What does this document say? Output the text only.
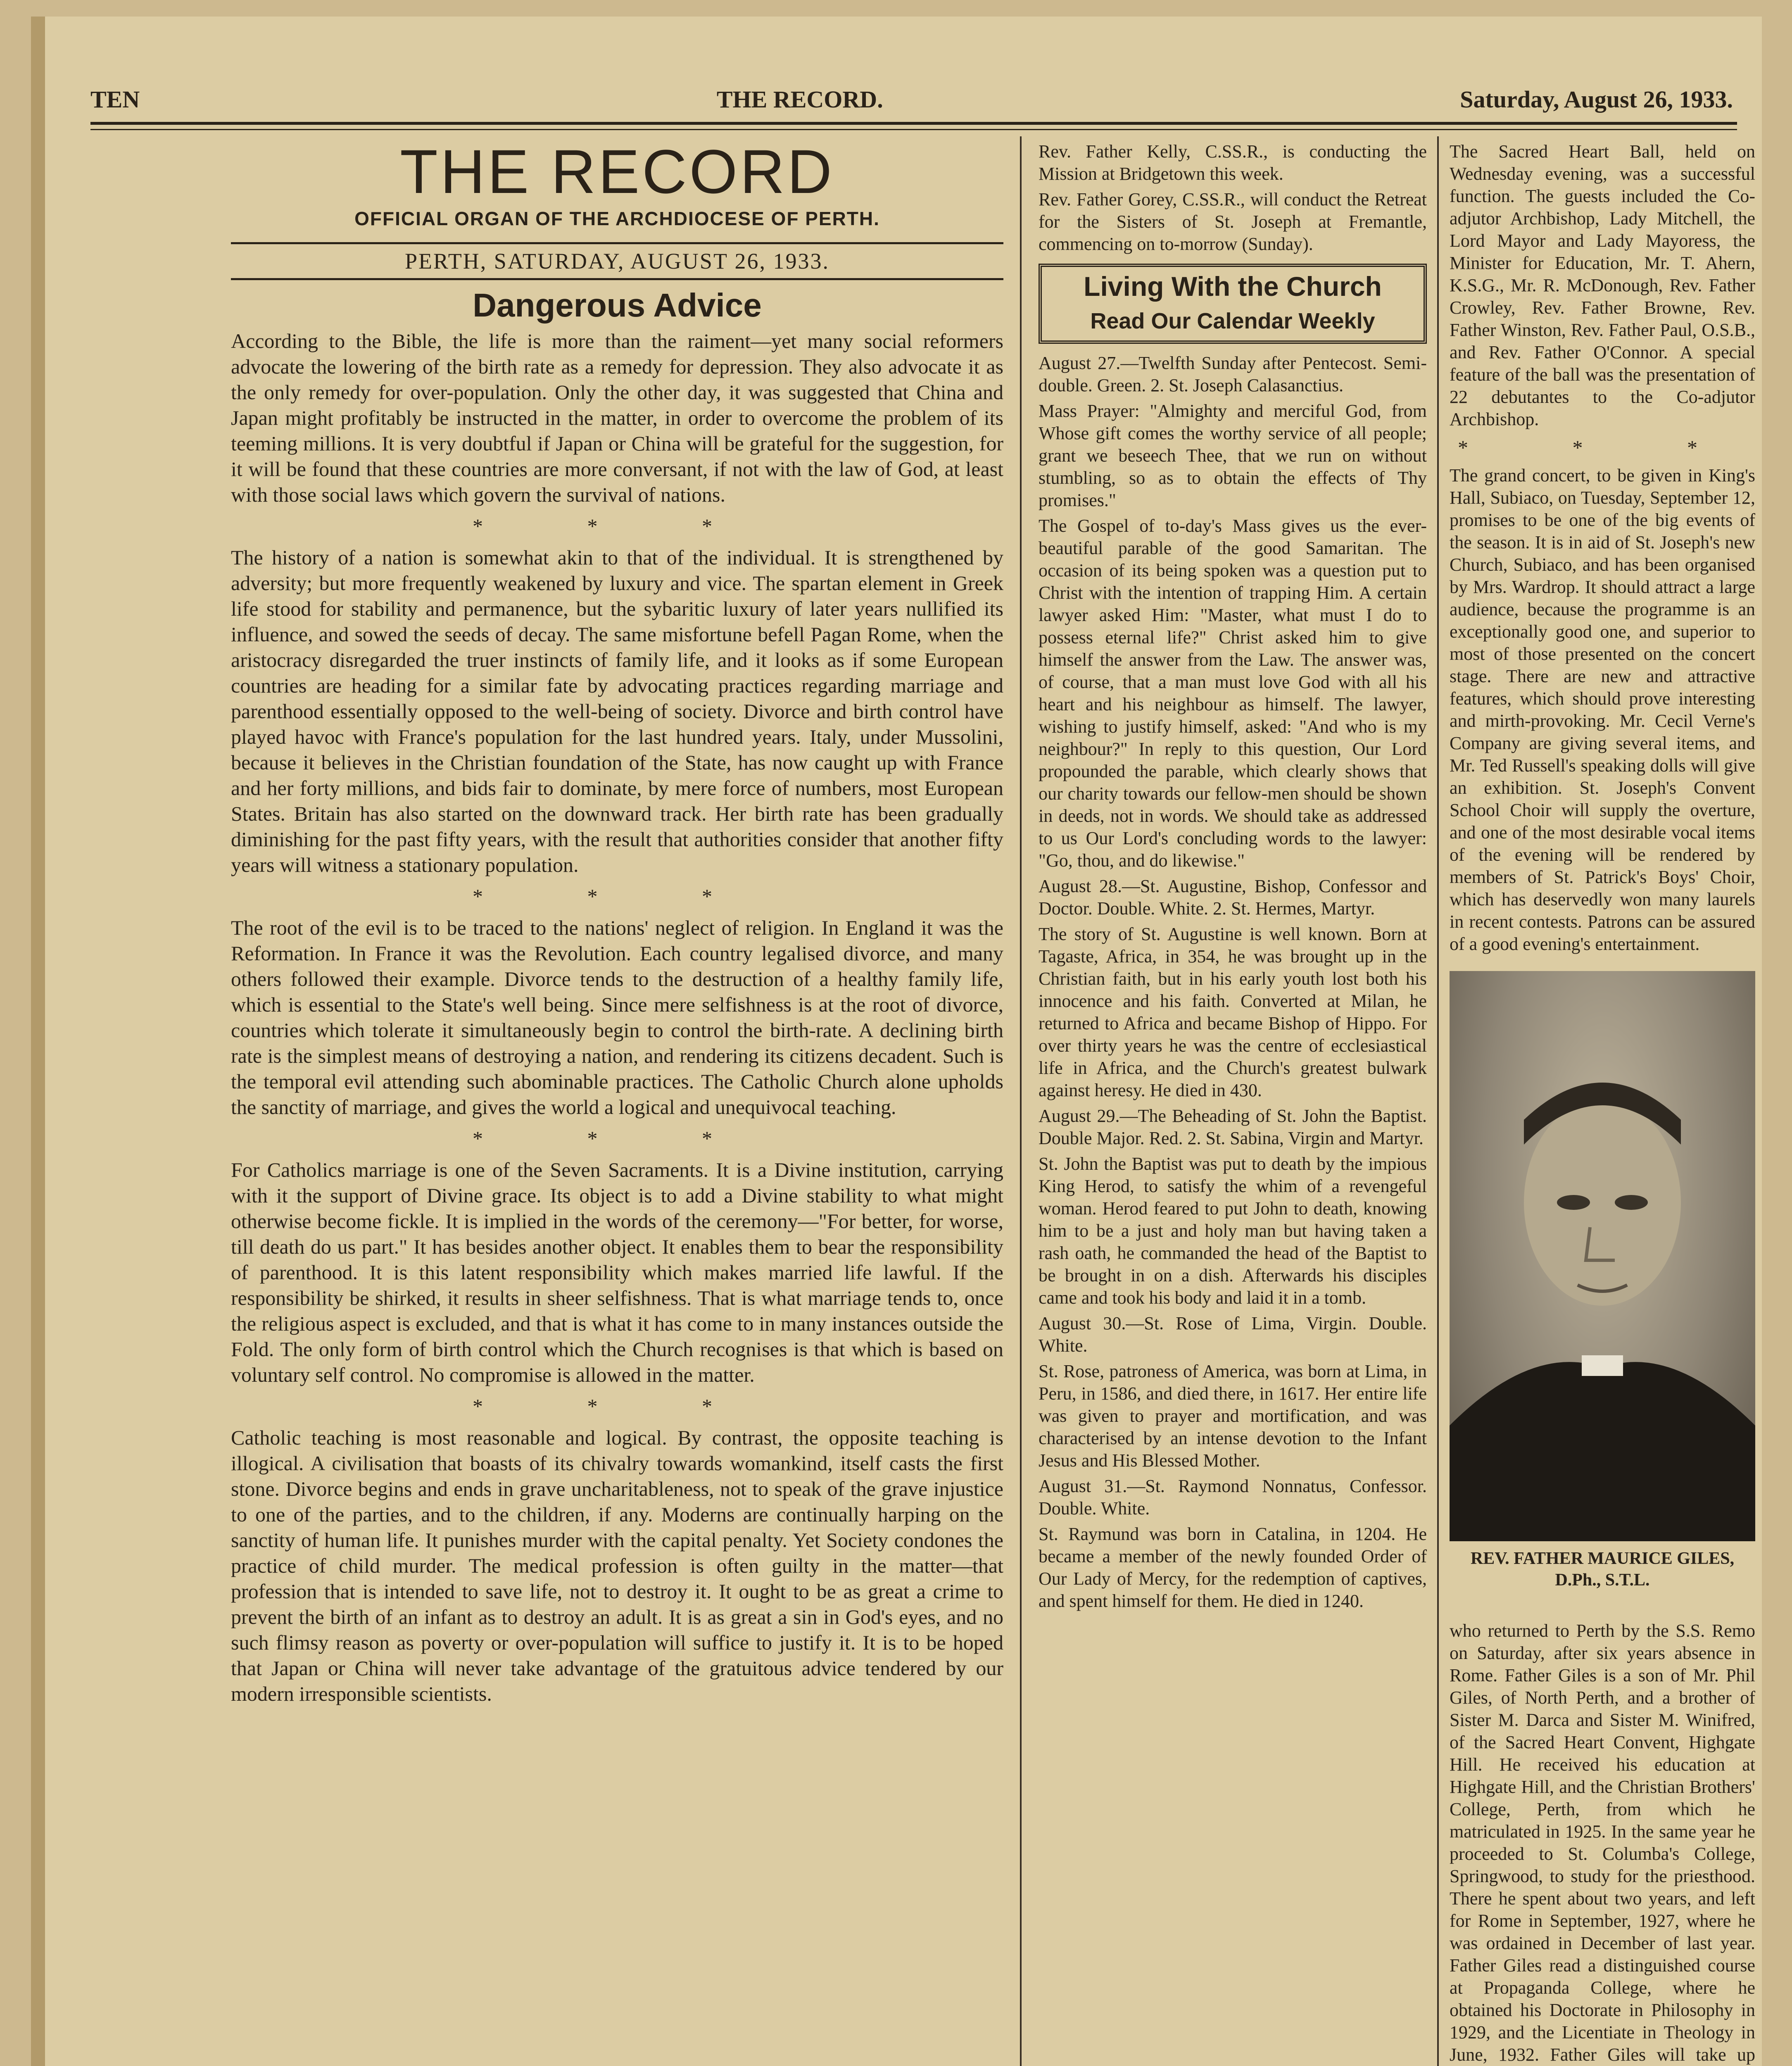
TEN	THE RECORD.	Saturday, August 26, 1933.
THE RECORD
OFFICIAL ORGAN OF THE ARCHDIOCESE OF PERTH.
PERTH, SATURDAY, AUGUST 26, 1933.
Dangerous Advice

According to the Bible, the life is more than the raiment—yet many social reformers advocate the lowering of the birth rate as a remedy for depression. They also advocate it as the only remedy for over-population. Only the other day, it was suggested that China and Japan might profitably be instructed in the matter, in order to overcome the problem of its teeming millions. It is very doubtful if Japan or China will be grateful for the suggestion, for it will be found that these countries are more conversant, if not with the law of God, at least with those social laws which govern the survival of nations.

* * *

The history of a nation is somewhat akin to that of the individual. It is strengthened by adversity; but more frequently weakened by luxury and vice. The spartan element in Greek life stood for stability and permanence, but the sybaritic luxury of later years nullified its influence, and sowed the seeds of decay. The same misfortune befell Pagan Rome, when the aristocracy disregarded the truer instincts of family life, and it looks as if some European countries are heading for a similar fate by advocating practices regarding marriage and parenthood essentially opposed to the well-being of society. Divorce and birth control have played havoc with France's population for the last hundred years. Italy, under Mussolini, because it believes in the Christian foundation of the State, has now caught up with France and her forty millions, and bids fair to dominate, by mere force of numbers, most European States. Britain has also started on the downward track. Her birth rate has been gradually diminishing for the past fifty years, with the result that authorities consider that another fifty years will witness a stationary population.

* * *

The root of the evil is to be traced to the nations' neglect of religion. In England it was the Reformation. In France it was the Revolution. Each country legalised divorce, and many others followed their example. Divorce tends to the destruction of a healthy family life, which is essential to the State's well being. Since mere selfishness is at the root of divorce, countries which tolerate it simultaneously begin to control the birth-rate. A declining birth rate is the simplest means of destroying a nation, and rendering its citizens decadent. Such is the temporal evil attending such abominable practices. The Catholic Church alone upholds the sanctity of marriage, and gives the world a logical and unequivocal teaching.

* * *

For Catholics marriage is one of the Seven Sacraments. It is a Divine institution, carrying with it the support of Divine grace. Its object is to add a Divine stability to what might otherwise become fickle. It is implied in the words of the ceremony—"For better, for worse, till death do us part." It has besides another object. It enables them to bear the responsibility of parenthood. It is this latent responsibility which makes married life lawful. If the responsibility be shirked, it results in sheer selfishness. That is what marriage tends to, once the religious aspect is excluded, and that is what it has come to in many instances outside the Fold. The only form of birth control which the Church recognises is that which is based on voluntary self control. No compromise is allowed in the matter.

* * *

Catholic teaching is most reasonable and logical. By contrast, the opposite teaching is illogical. A civilisation that boasts of its chivalry towards womankind, itself casts the first stone. Divorce begins and ends in grave uncharitableness, not to speak of the grave injustice to one of the parties, and to the children, if any. Moderns are continually harping on the sanctity of human life. It punishes murder with the capital penalty. Yet Society condones the practice of child murder. The medical profession is often guilty in the matter—that profession that is intended to save life, not to destroy it. It ought to be as great a crime to prevent the birth of an infant as to destroy an adult. It is as great a sin in God's eyes, and no such flimsy reason as poverty or over-population will suffice to justify it. It is to be hoped that Japan or China will never take advantage of the gratuitous advice tendered by our modern irresponsible scientists.

Rev. Father Kelly, C.SS.R., is conducting the Mission at Bridgetown this week.

Rev. Father Gorey, C.SS.R., will conduct the Retreat for the Sisters of St. Joseph at Fremantle, commencing on to-morrow (Sunday).

Living With the Church
Read Our Calendar Weekly

August 27.—Twelfth Sunday after Pentecost. Semi-double. Green. 2. St. Joseph Calasanctius.

Mass Prayer: "Almighty and merciful God, from Whose gift comes the worthy service of all people; grant we beseech Thee, that we run on without stumbling, so as to obtain the effects of Thy promises."

The Gospel of to-day's Mass gives us the ever-beautiful parable of the good Samaritan. The occasion of its being spoken was a question put to Christ with the intention of trapping Him. A certain lawyer asked Him: "Master, what must I do to possess eternal life?" Christ asked him to give himself the answer from the Law. The answer was, of course, that a man must love God with all his heart and his neighbour as himself. The lawyer, wishing to justify himself, asked: "And who is my neighbour?" In reply to this question, Our Lord propounded the parable, which clearly shows that our charity towards our fellow-men should be shown in deeds, not in words. We should take as addressed to us Our Lord's concluding words to the lawyer: "Go, thou, and do likewise."

August 28.—St. Augustine, Bishop, Confessor and Doctor. Double. White. 2. St. Hermes, Martyr.

The story of St. Augustine is well known. Born at Tagaste, Africa, in 354, he was brought up in the Christian faith, but in his early youth lost both his innocence and his faith. Converted at Milan, he returned to Africa and became Bishop of Hippo. For over thirty years he was the centre of ecclesiastical life in Africa, and the Church's greatest bulwark against heresy. He died in 430.

August 29.—The Beheading of St. John the Baptist. Double Major. Red. 2. St. Sabina, Virgin and Martyr.

St. John the Baptist was put to death by the impious King Herod, to satisfy the whim of a revengeful woman. Herod feared to put John to death, knowing him to be a just and holy man but having taken a rash oath, he commanded the head of the Baptist to be brought in on a dish. Afterwards his disciples came and took his body and laid it in a tomb.

August 30.—St. Rose of Lima, Virgin. Double. White.

St. Rose, patroness of America, was born at Lima, in Peru, in 1586, and died there, in 1617. Her entire life was given to prayer and mortification, and was characterised by an intense devotion to the Infant Jesus and His Blessed Mother.

August 31.—St. Raymond Nonnatus, Confessor. Double. White.

St. Raymund was born in Catalina, in 1204. He became a member of the newly founded Order of Our Lady of Mercy, for the redemption of captives, and spent himself for them. He died in 1240.

The Sacred Heart Ball, held on Wednesday evening, was a successful function. The guests included the Co-adjutor Archbishop, Lady Mitchell, the Lord Mayor and Lady Mayoress, the Minister for Education, Mr. T. Ahern, K.S.G., Mr. R. McDonough, Rev. Father Crowley, Rev. Father Browne, Rev. Father Winston, Rev. Father Paul, O.S.B., and Rev. Father O'Connor. A special feature of the ball was the presentation of 22 debutantes to the Co-adjutor Archbishop.

* * *

The grand concert, to be given in King's Hall, Subiaco, on Tuesday, September 12, promises to be one of the big events of the season. It is in aid of St. Joseph's new Church, Subiaco, and has been organised by Mrs. Wardrop. It should attract a large audience, because the programme is an exceptionally good one, and superior to most of those presented on the concert stage. There are new and attractive features, which should prove interesting and mirth-provoking. Mr. Cecil Verne's Company are giving several items, and Mr. Ted Russell's speaking dolls will give an exhibition. St. Joseph's Convent School Choir will supply the overture, and one of the most desirable vocal items of the evening will be rendered by members of St. Patrick's Boys' Choir, which has deservedly won many laurels in recent contests. Patrons can be assured of a good evening's entertainment.

REV. FATHER MAURICE GILES, D.Ph., S.T.L.

who returned to Perth by the S.S. Remo on Saturday, after six years absence in Rome. Father Giles is a son of Mr. Phil Giles, of North Perth, and a brother of Sister M. Darca and Sister M. Winifred, of the Sacred Heart Convent, Highgate Hill. He received his education at Highgate Hill, and the Christian Brothers' College, Perth, from which he matriculated in 1925. In the same year he proceeded to St. Columba's College, Springwood, to study for the priesthood. There he spent about two years, and left for Rome in September, 1927, where he was ordained in December of last year. Father Giles read a distinguished course at Propaganda College, where he obtained his Doctorate in Philosophy in 1929, and the Licentiate in Theology in June, 1932. Father Giles will take up
